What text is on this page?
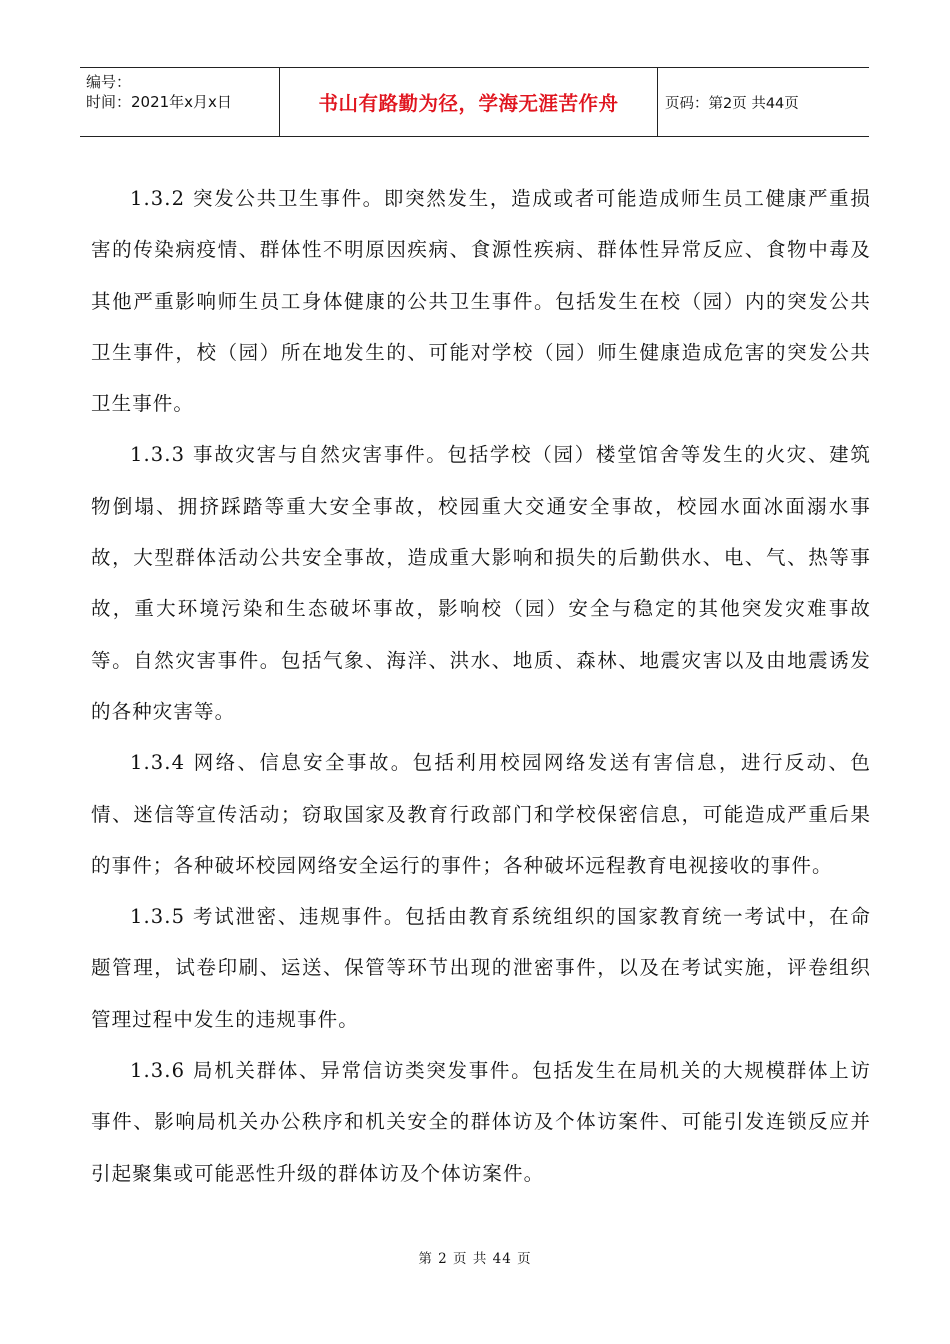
编号：
时间：2021年x月x日	书山有路勤为径，学海无涯苦作舟	页码：第2页 共44页

1.3.2 突发公共卫生事件。即突然发生，造成或者可能造成师生员工健康严重损害的传染病疫情、群体性不明原因疾病、食源性疾病、群体性异常反应、食物中毒及其他严重影响师生员工身体健康的公共卫生事件。包括发生在校（园）内的突发公共卫生事件，校（园）所在地发生的、可能对学校（园）师生健康造成危害的突发公共卫生事件。

1.3.3 事故灾害与自然灾害事件。包括学校（园）楼堂馆舍等发生的火灾、建筑物倒塌、拥挤踩踏等重大安全事故，校园重大交通安全事故，校园水面冰面溺水事故，大型群体活动公共安全事故，造成重大影响和损失的后勤供水、电、气、热等事故，重大环境污染和生态破坏事故，影响校（园）安全与稳定的其他突发灾难事故等。自然灾害事件。包括气象、海洋、洪水、地质、森林、地震灾害以及由地震诱发的各种灾害等。

1.3.4 网络、信息安全事故。包括利用校园网络发送有害信息，进行反动、色情、迷信等宣传活动；窃取国家及教育行政部门和学校保密信息，可能造成严重后果的事件；各种破坏校园网络安全运行的事件；各种破坏远程教育电视接收的事件。

1.3.5 考试泄密、违规事件。包括由教育系统组织的国家教育统一考试中，在命题管理，试卷印刷、运送、保管等环节出现的泄密事件，以及在考试实施，评卷组织管理过程中发生的违规事件。

1.3.6 局机关群体、异常信访类突发事件。包括发生在局机关的大规模群体上访事件、影响局机关办公秩序和机关安全的群体访及个体访案件、可能引发连锁反应并引起聚集或可能恶性升级的群体访及个体访案件。

第 2 页 共 44 页
